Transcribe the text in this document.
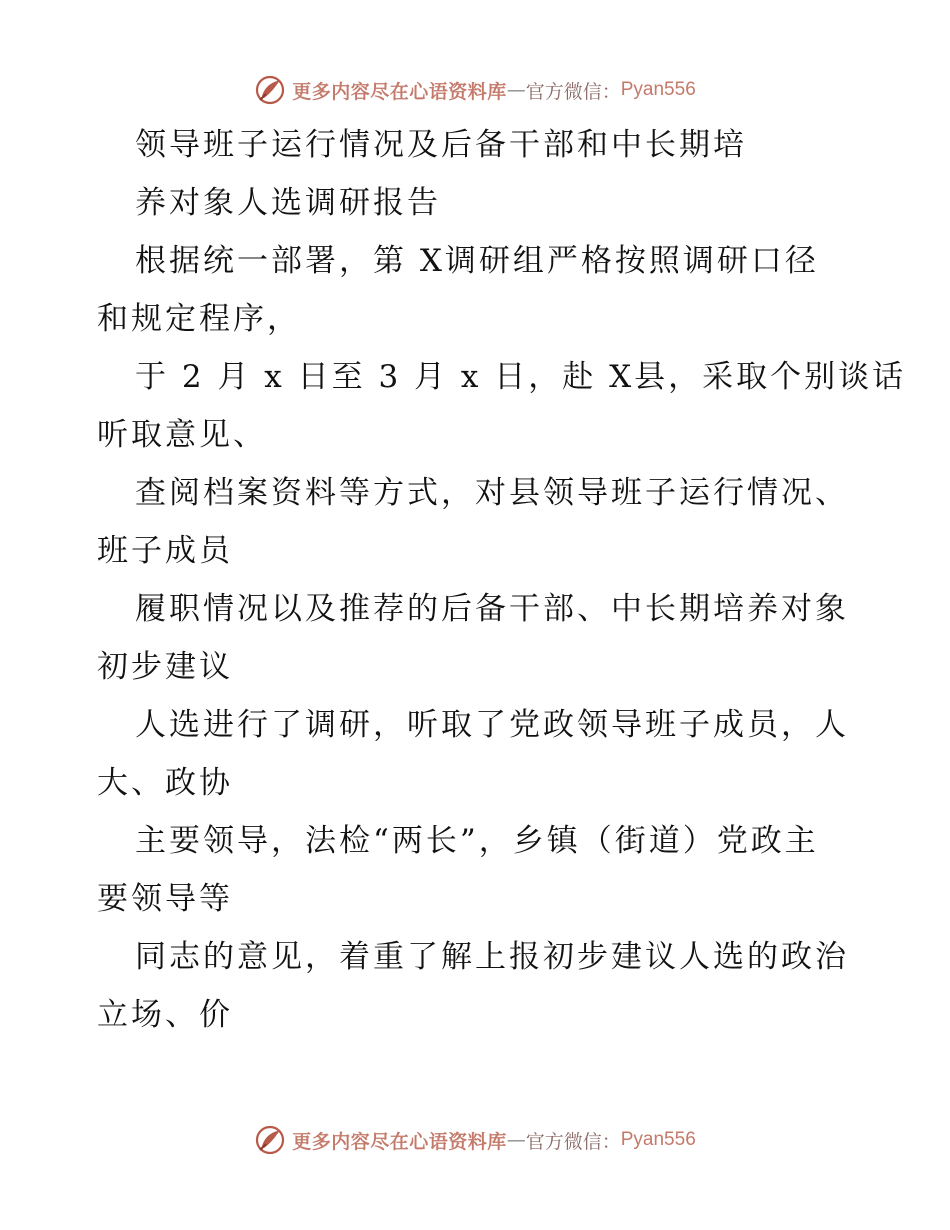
更多内容尽在心语资料库 — 官方微信： Pyan556
领导班子运行情况及后备干部和中长期培
养对象人选调研报告
根据统一部署，第 X调研组严格按照调研口径
和规定程序，
于 2 月 x 日至 3 月 x 日，赴 X县，采取个别谈话
听取意见、
查阅档案资料等方式，对县领导班子运行情况、
班子成员
履职情况以及推荐的后备干部、中长期培养对象
初步建议
人选进行了调研，听取了党政领导班子成员，人
大、政协
主要领导，法检“两长”，乡镇（街道）党政主
要领导等
同志的意见，着重了解上报初步建议人选的政治
立场、价
更多内容尽在心语资料库 — 官方微信： Pyan556
